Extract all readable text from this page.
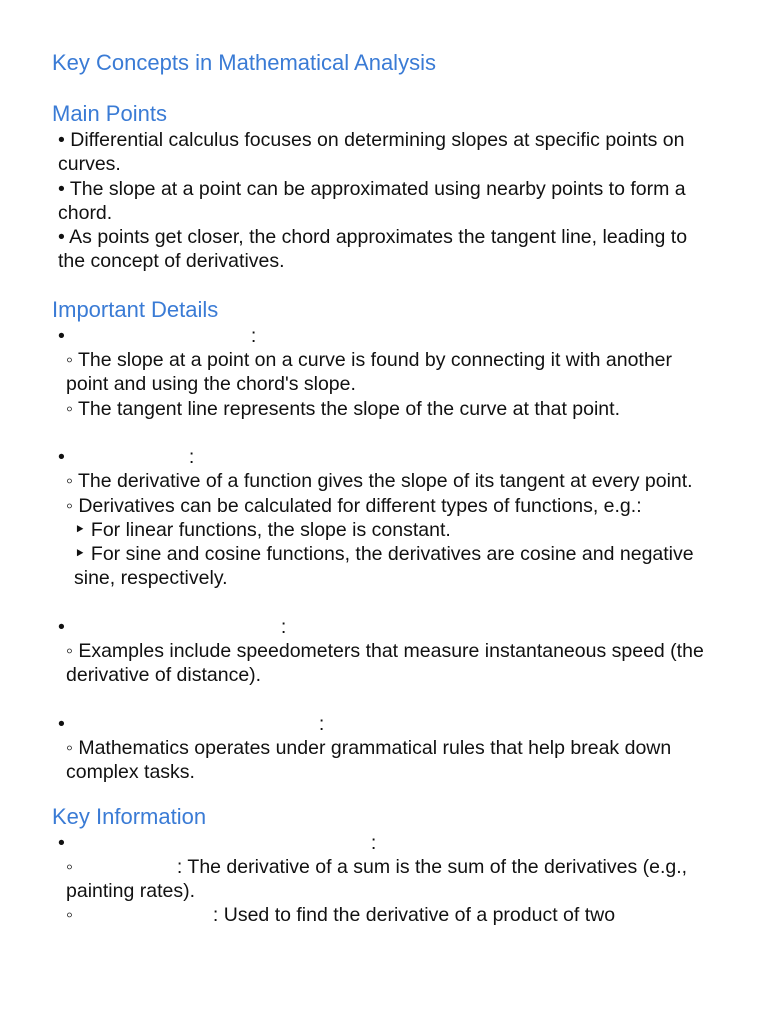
Key Concepts in Mathematical Analysis
Main Points

• Differential calculus focuses on determining slopes at specific points on curves.

• The slope at a point can be approximated using nearby points to form a chord.

• As points get closer, the chord approximates the tangent line, leading to the concept of derivatives.

Important Details

•	:

◦ The slope at a point on a curve is found by connecting it with another point and using the chord's slope.

◦ The tangent line represents the slope of the curve at that point.

•	:

◦ The derivative of a function gives the slope of its tangent at every point.

◦ Derivatives can be calculated for different types of functions, e.g.:

‣ For linear functions, the slope is constant.

‣ For sine and cosine functions, the derivatives are cosine and negative sine, respectively.

•	:

◦ Examples include speedometers that measure instantaneous speed (the derivative of distance).

•	:

◦ Mathematics operates under grammatical rules that help break down complex tasks.

Key Information

•	:

◦	: The derivative of a sum is the sum of the derivatives (e.g., painting rates).

◦	: Used to find the derivative of a product of two
